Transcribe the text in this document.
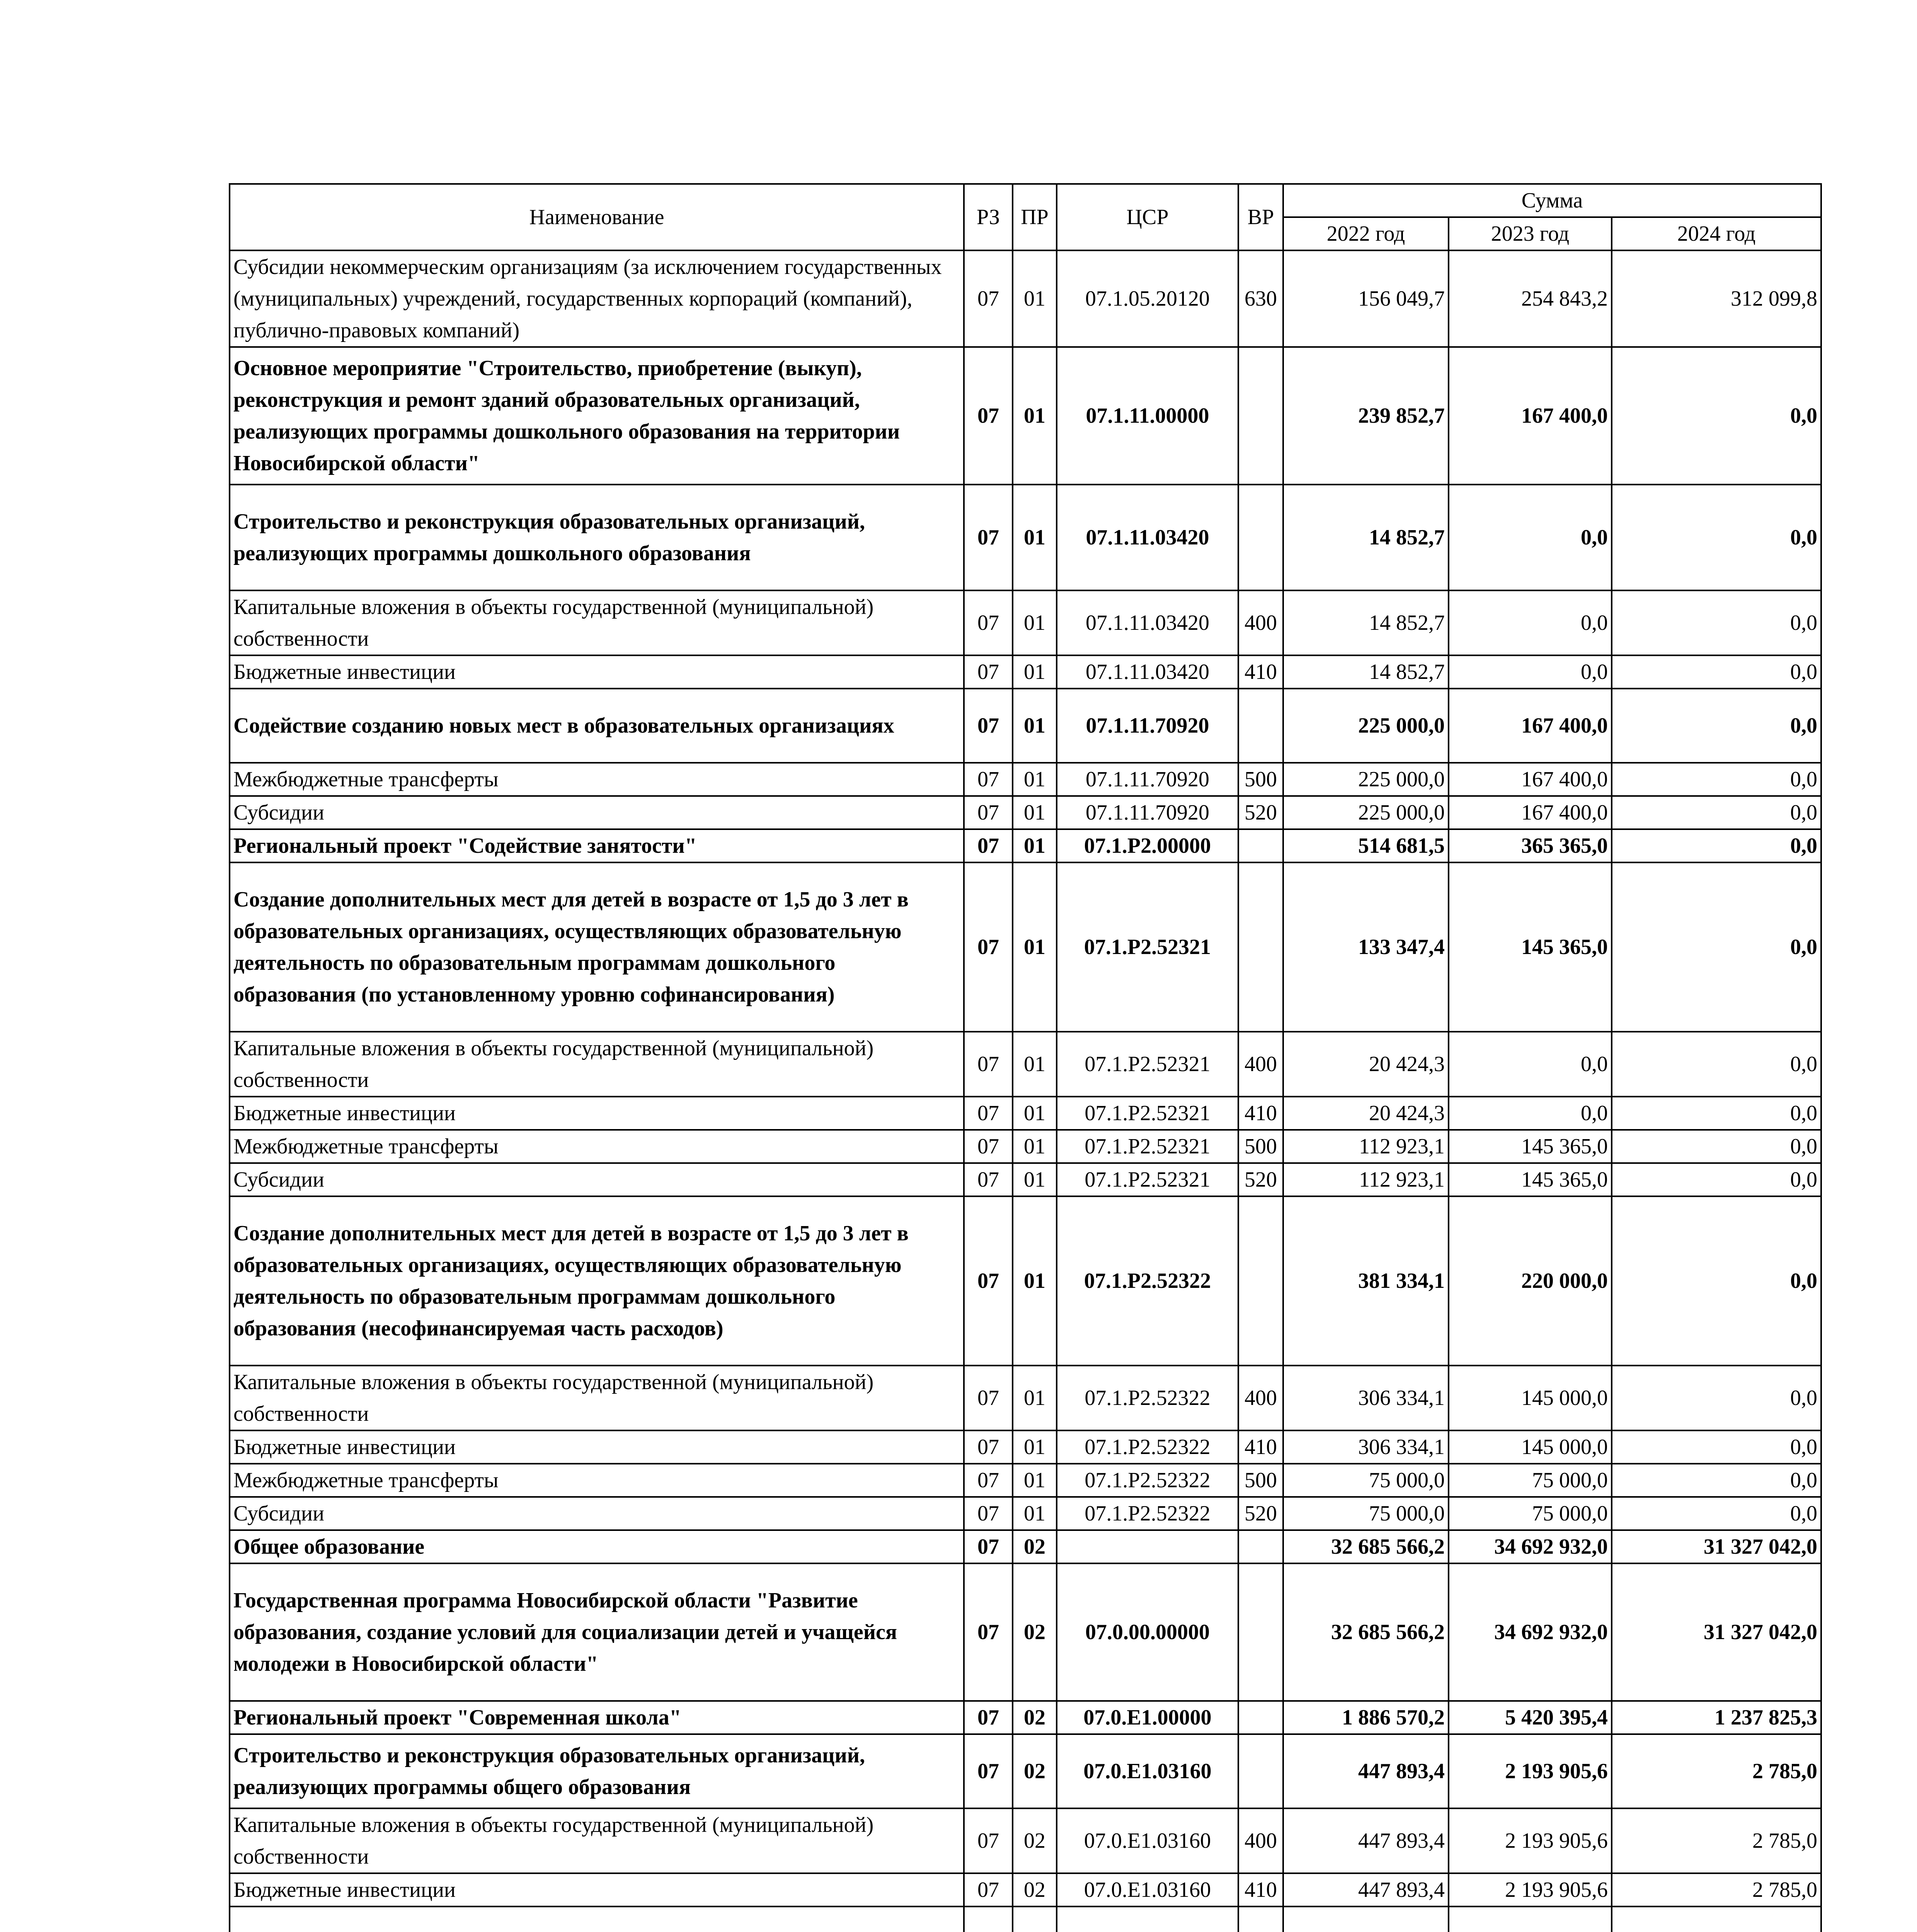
Наименование	РЗ	ПР	ЦСР	ВР	Сумма		
					2022 год	2023 год	2024 год
Субсидии некоммерческим организациям (за исключением государственных (муниципальных) учреждений, государственных корпораций (компаний), публично-правовых компаний)	07	01	07.1.05.20120	630	156 049,7	254 843,2	312 099,8
Основное мероприятие "Строительство, приобретение (выкуп), реконструкция и ремонт зданий образовательных организаций, реализующих программы дошкольного образования на территории Новосибирской области"	07	01	07.1.11.00000		239 852,7	167 400,0	0,0
Строительство и реконструкция образовательных организаций, реализующих программы дошкольного образования	07	01	07.1.11.03420		14 852,7	0,0	0,0
Капитальные вложения в объекты государственной (муниципальной) собственности	07	01	07.1.11.03420	400	14 852,7	0,0	0,0
Бюджетные инвестиции	07	01	07.1.11.03420	410	14 852,7	0,0	0,0
Содействие созданию новых мест в образовательных организациях	07	01	07.1.11.70920		225 000,0	167 400,0	0,0
Межбюджетные трансферты	07	01	07.1.11.70920	500	225 000,0	167 400,0	0,0
Субсидии	07	01	07.1.11.70920	520	225 000,0	167 400,0	0,0
Региональный проект "Содействие занятости"	07	01	07.1.P2.00000		514 681,5	365 365,0	0,0
Создание дополнительных мест для детей в возрасте от 1,5 до 3 лет в образовательных организациях, осуществляющих образовательную деятельность по образовательным программам дошкольного образования (по установленному уровню софинансирования)	07	01	07.1.P2.52321		133 347,4	145 365,0	0,0
Капитальные вложения в объекты государственной (муниципальной) собственности	07	01	07.1.P2.52321	400	20 424,3	0,0	0,0
Бюджетные инвестиции	07	01	07.1.P2.52321	410	20 424,3	0,0	0,0
Межбюджетные трансферты	07	01	07.1.P2.52321	500	112 923,1	145 365,0	0,0
Субсидии	07	01	07.1.P2.52321	520	112 923,1	145 365,0	0,0
Создание дополнительных мест для детей в возрасте от 1,5 до 3 лет в образовательных организациях, осуществляющих образовательную деятельность по образовательным программам дошкольного образования (несофинансируемая часть расходов)	07	01	07.1.P2.52322		381 334,1	220 000,0	0,0
Капитальные вложения в объекты государственной (муниципальной) собственности	07	01	07.1.P2.52322	400	306 334,1	145 000,0	0,0
Бюджетные инвестиции	07	01	07.1.P2.52322	410	306 334,1	145 000,0	0,0
Межбюджетные трансферты	07	01	07.1.P2.52322	500	75 000,0	75 000,0	0,0
Субсидии	07	01	07.1.P2.52322	520	75 000,0	75 000,0	0,0
Общее образование	07	02			32 685 566,2	34 692 932,0	31 327 042,0
Государственная программа Новосибирской области "Развитие образования, создание условий для социализации детей и учащейся молодежи в Новосибирской области"	07	02	07.0.00.00000		32 685 566,2	34 692 932,0	31 327 042,0
Региональный проект "Современная школа"	07	02	07.0.E1.00000		1 886 570,2	5 420 395,4	1 237 825,3
Строительство и реконструкция образовательных организаций, реализующих программы общего образования	07	02	07.0.E1.03160		447 893,4	2 193 905,6	2 785,0
Капитальные вложения в объекты государственной (муниципальной) собственности	07	02	07.0.E1.03160	400	447 893,4	2 193 905,6	2 785,0
Бюджетные инвестиции	07	02	07.0.E1.03160	410	447 893,4	2 193 905,6	2 785,0
